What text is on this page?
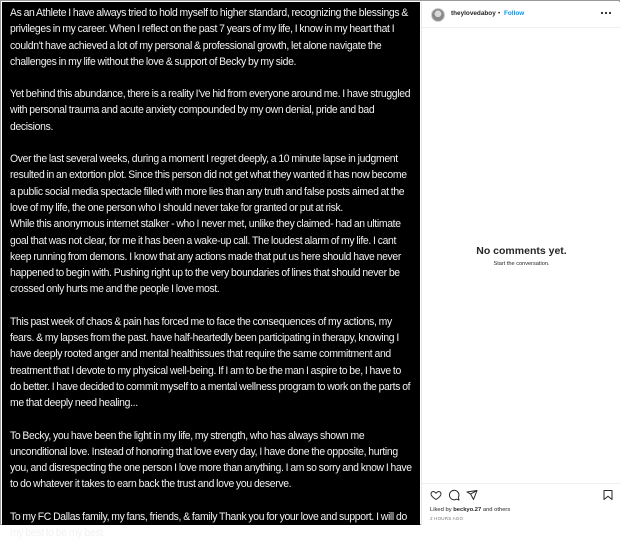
As an Athlete I have always tried to hold myself to higher standard, recognizing the blessings & privileges in my career. When I reflect on the past 7 years of my life, I know in my heart that I couldn't have achieved a lot of my personal & professional growth, let alone navigate the challenges in my life without the love & support of Becky by my side.

Yet behind this abundance, there is a reality I've hid from everyone around me. I have struggled with personal trauma and acute anxiety compounded by my own denial, pride and bad decisions.

Over the last several weeks, during a moment I regret deeply, a 10 minute lapse in judgment resulted in an extortion plot. Since this person did not get what they wanted it has now become a public social media spectacle filled with more lies than any truth and false posts aimed at the love of my life, the one person who I should never take for granted or put at risk.

While this anonymous internet stalker - who I never met, unlike they claimed- had an ultimate goal that was not clear, for me it has been a wake-up call. The loudest alarm of my life. I cant keep running from demons. I know that any actions made that put us here should have never happened to begin with. Pushing right up to the very boundaries of lines that should never be crossed only hurts me and the people I love most.

This past week of chaos & pain has forced me to face the consequences of my actions, my fears. & my lapses from the past. have half-heartedly been participating in therapy, knowing I have deeply rooted anger and mental healthissues that require the same commitment and treatment that I devote to my physical well-being. If I am to be the man I aspire to be, I have to do better. I have decided to commit myself to a mental wellness program to work on the parts of me that deeply need healing...

To Becky, you have been the light in my life, my strength, who has always shown me unconditional love. Instead of honoring that love every day, I have done the opposite, hurting you, and disrespecting the one person I love more than anything. I am so sorry and know I have to do whatever it takes to earn back the trust and love you deserve.

To my FC Dallas family, my fans, friends, & family Thank you for your love and support. I will do my best to be my best.

theylovedaboy • Follow
No comments yet.
Start the conversation.
Liked by beckyo.27 and others
2 HOURS AGO
